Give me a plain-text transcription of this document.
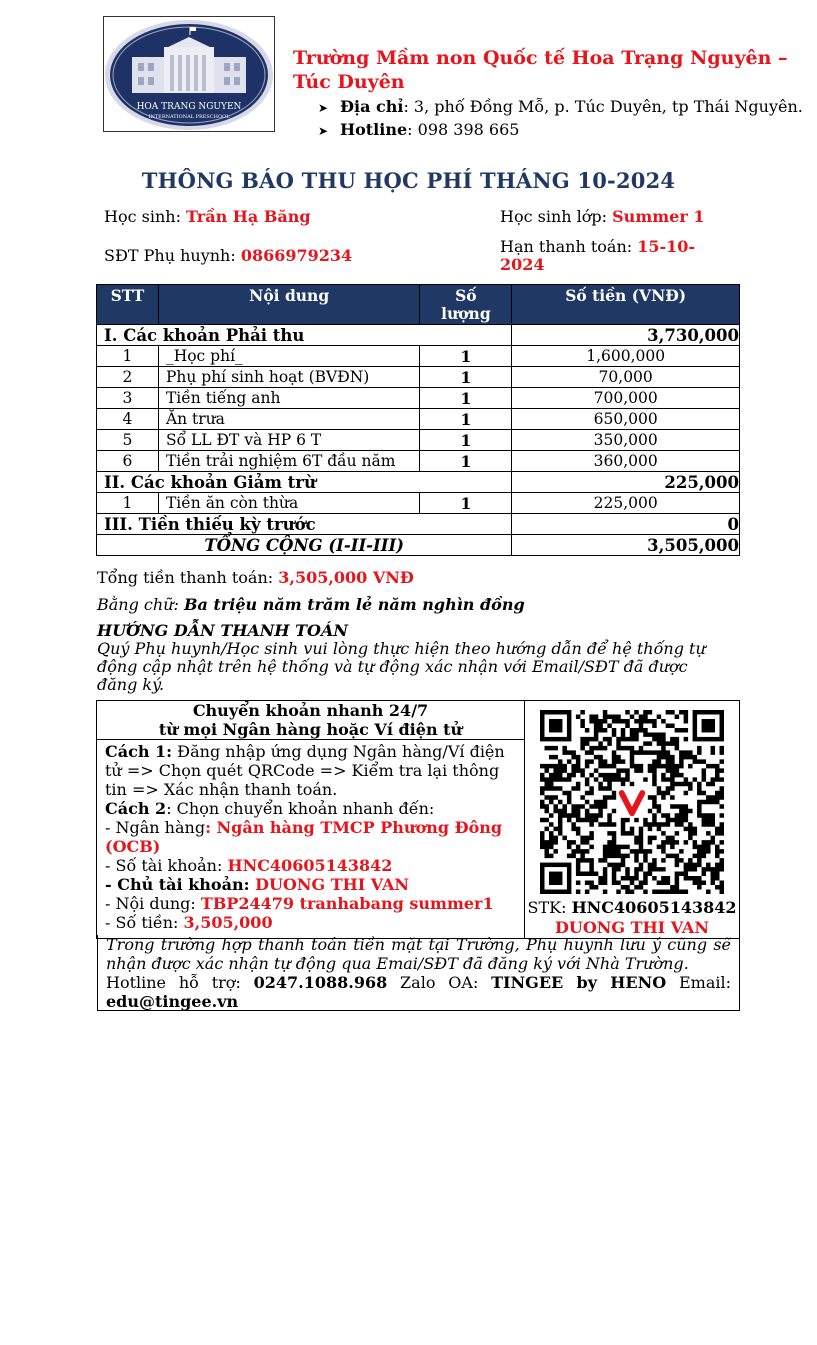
HOA TRANG NGUYEN
INTERNATIONAL PRESCHOOL
Trường Mầm non Quốc tế Hoa Trạng Nguyên – Túc Duyên
➤ Địa chỉ: 3, phố Đồng Mỗ, p. Túc Duyên, tp Thái Nguyên.
➤ Hotline: 098 398 665
THÔNG BÁO THU HỌC PHÍ THÁNG 10-2024
Học sinh: Trần Hạ Băng	Học sinh lớp: Summer 1
SĐT Phụ huynh: 0866979234	Hạn thanh toán: 15-10-2024
STT	Nội dung	Số lượng	Số tiền (VNĐ)
I. Các khoản Phải thu			3,730,000
1	_Học phí_	1	1,600,000
2	Phụ phí sinh hoạt (BVĐN)	1	70,000
3	Tiền tiếng anh	1	700,000
4	Ăn trưa	1	650,000
5	Sổ LL ĐT và HP 6 T	1	350,000
6	Tiền trải nghiệm 6T đầu năm	1	360,000
II. Các khoản Giảm trừ			225,000
1	Tiền ăn còn thừa	1	225,000
III. Tiền thiếu kỳ trước			0
TỔNG CỘNG (I-II-III)			3,505,000
Tổng tiền thanh toán: 3,505,000 VNĐ
Bằng chữ: Ba triệu năm trăm lẻ năm nghìn đồng
HƯỚNG DẪN THANH TOÁN
Quý Phụ huynh/Học sinh vui lòng thực hiện theo hướng dẫn để hệ thống tự động cập nhật trên hệ thống và tự động xác nhận với Email/SĐT đã được đăng ký.
Chuyển khoản nhanh 24/7
từ mọi Ngân hàng hoặc Ví điện tử

STK: HNC40605143842
DUONG THI VAN

Cách 1: Đăng nhập ứng dụng Ngân hàng/Ví điện tử => Chọn quét QRCode => Kiểm tra lại thông tin => Xác nhận thanh toán.
Cách 2: Chọn chuyển khoản nhanh đến:
- Ngân hàng: Ngân hàng TMCP Phương Đông (OCB)
- Số tài khoản: HNC40605143842
- Chủ tài khoản: DUONG THI VAN
- Nội dung: TBP24479 tranhabang summer1
- Số tiền: 3,505,000
Trong trường hợp thanh toán tiền mặt tại Trường, Phụ huynh lưu ý cũng sẽ nhận được xác nhận tự động qua Emai/SĐT đã đăng ký với Nhà Trường.
Hotline hỗ trợ: 0247.1088.968 Zalo OA: TINGEE by HENO Email:
edu@tingee.vn
